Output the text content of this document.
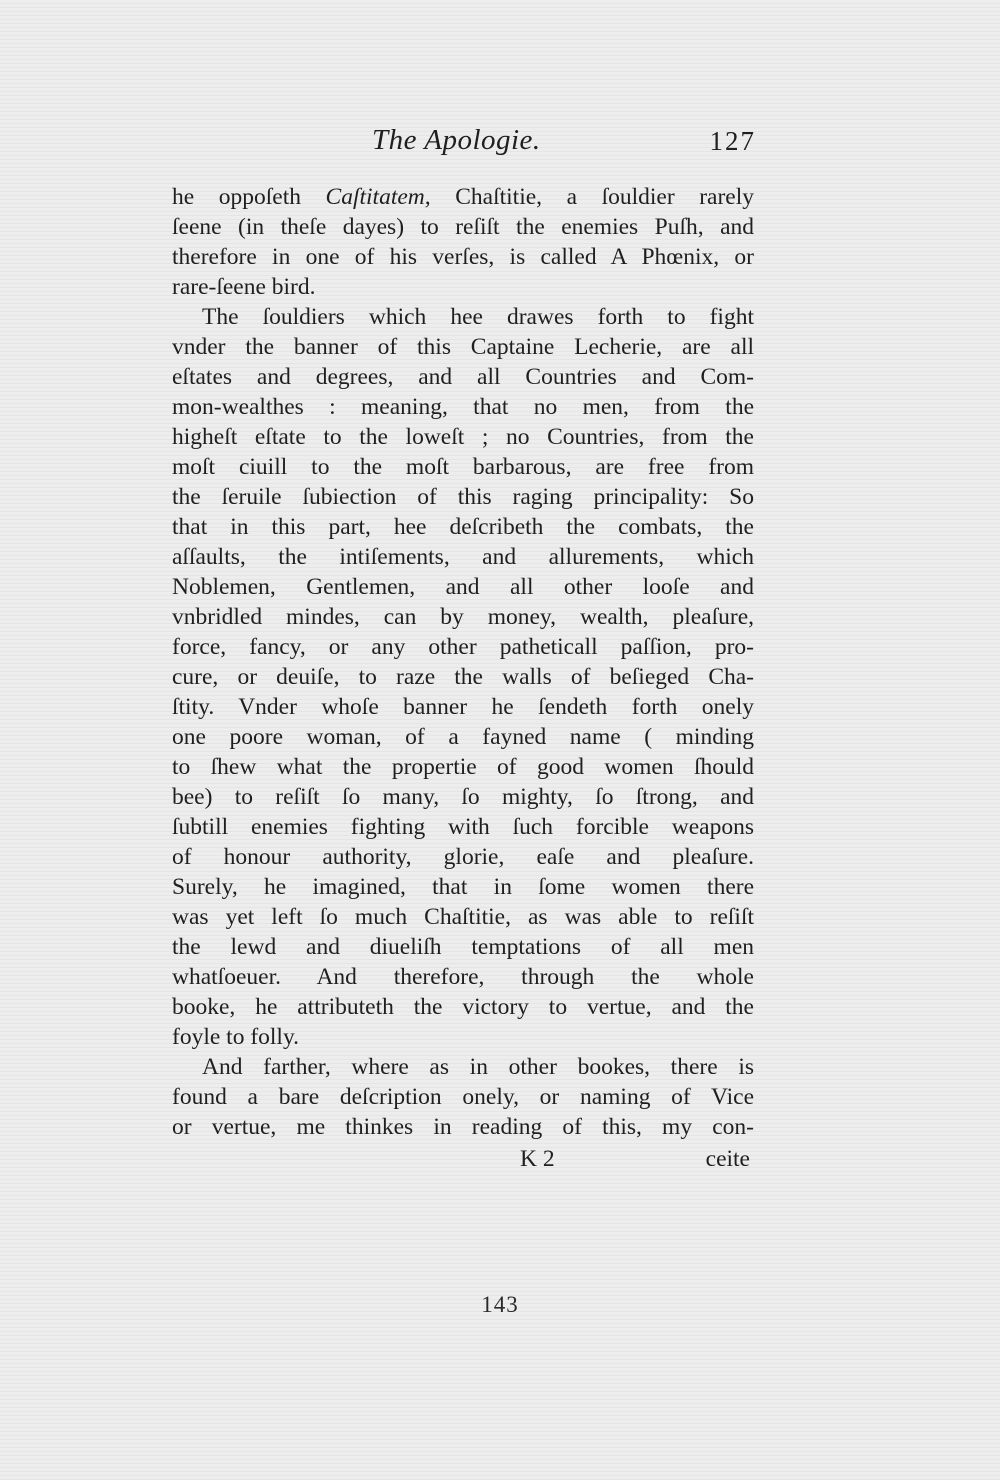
The Apologie.	127
he oppoſeth Caſtitatem, Chaſtitie, a ſouldier rarely
ſeene (in theſe dayes) to reſiſt the enemies Puſh, and
therefore in one of his verſes, is called A Phœnix, or
rare-ſeene bird.
The ſouldiers which hee drawes forth to fight
vnder the banner of this Captaine Lecherie, are all
eſtates and degrees, and all Countries and Com-
mon-wealthes : meaning, that no men, from the
higheſt eſtate to the loweſt ; no Countries, from the
moſt ciuill to the moſt barbarous, are free from
the ſeruile ſubiection of this raging principality: So
that in this part, hee deſcribeth the combats, the
aſſaults, the intiſements, and allurements, which
Noblemen, Gentlemen, and all other looſe and
vnbridled mindes, can by money, wealth, pleaſure,
force, fancy, or any other patheticall paſſion, pro-
cure, or deuiſe, to raze the walls of beſieged Cha-
ſtity. Vnder whoſe banner he ſendeth forth onely
one poore woman, of a fayned name ( minding
to ſhew what the propertie of good women ſhould
bee) to reſiſt ſo many, ſo mighty, ſo ſtrong, and
ſubtill enemies fighting with ſuch forcible weapons
of honour authority, glorie, eaſe and pleaſure.
Surely, he imagined, that in ſome women there
was yet left ſo much Chaſtitie, as was able to reſiſt
the lewd and diueliſh temptations of all men
whatſoeuer. And therefore, through the whole
booke, he attributeth the victory to vertue, and the
foyle to folly.
And farther, where as in other bookes, there is
found a bare deſcription onely, or naming of Vice
or vertue, me thinkes in reading of this, my con-
K 2	ceite
143
